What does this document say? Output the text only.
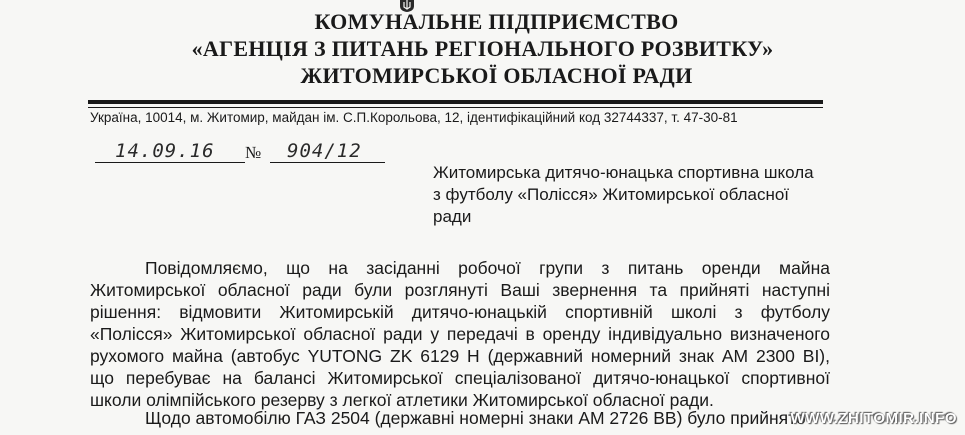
КОМУНАЛЬНЕ ПІДПРИЄМСТВО
«АГЕНЦІЯ З ПИТАНЬ РЕГІОНАЛЬНОГО РОЗВИТКУ»
ЖИТОМИРСЬКОЇ ОБЛАСНОЇ РАДИ
Україна, 10014, м. Житомир, майдан ім. С.П.Корольова, 12, ідентифікаційний код 32744337, т. 47-30-81
14.09.16 № 904/12
Житомирська дитячо-юнацька спортивна школа
з футболу «Полісся» Житомирської обласної
ради
Повідомляємо, що на засіданні робочої групи з питань оренди майна
Житомирської обласної ради були розглянуті Ваші звернення та прийняті наступні
рішення: відмовити Житомирській дитячо-юнацькій спортивній школі з футболу
«Полісся» Житомирської обласної ради у передачі в оренду індивідуально визначеного
рухомого майна (автобус YUTONG ZK 6129 H (державний номерний знак АМ 2300 ВІ),
що перебуває на балансі Житомирської спеціалізованої дитячо-юнацької спортивної
школи олімпійського резерву з легкої атлетики Житомирської обласної ради.
Щодо автомобілю ГАЗ 2504 (державні номерні знаки АМ 2726 ВВ) було прийнято
WWW.ZHITOMIR.INFO
